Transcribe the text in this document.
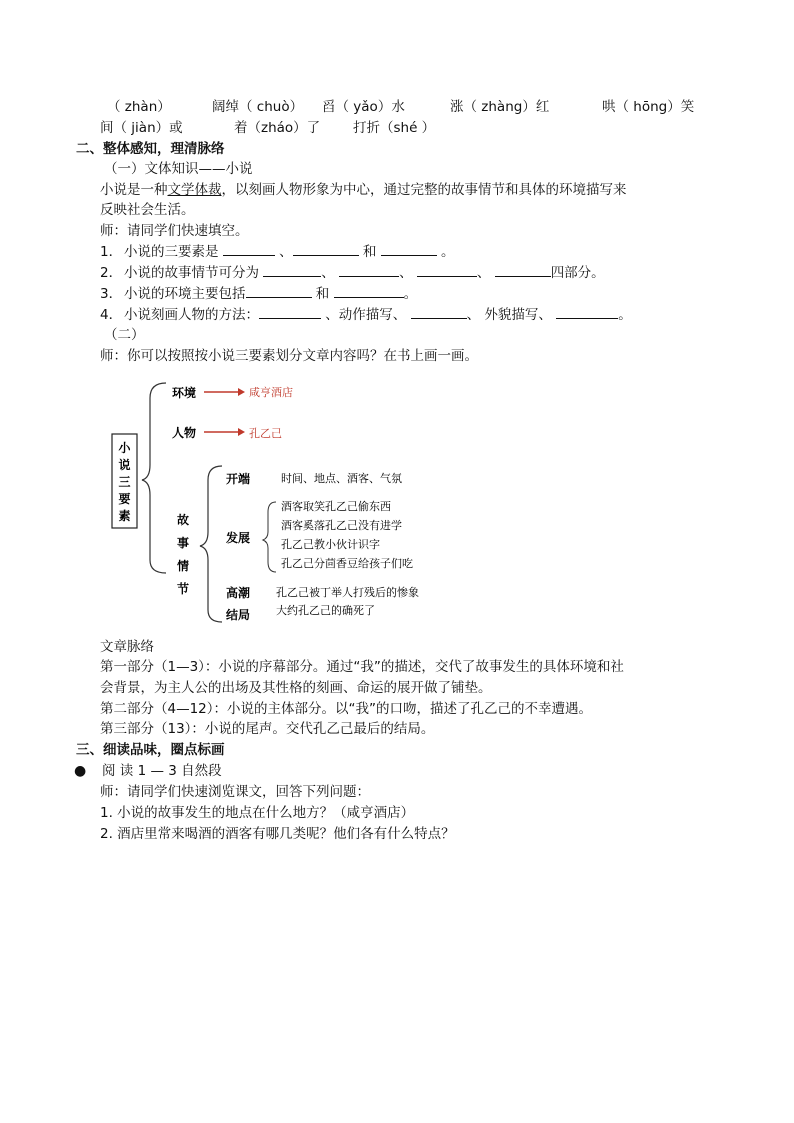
（ zhàn）	阔绰（ chuò） 舀（ yǎo）水	涨（ zhàng）红	哄（ hōng）笑
间（ jiàn）或	着（zháo）了 打折（shé ）
二、整体感知，理清脉络
（一）文体知识——小说
小说是一种文学体裁，以刻画人物形象为中心，通过完整的故事情节和具体的环境描写来
反映社会生活。
师：请同学们快速填空。
1． 小说的三要素是	、	和	。
2． 小说的故事情节可分为	、	、	、	四部分。
3． 小说的环境主要包括	和	。
4． 小说刻画人物的方法：	、动作描写、	、 外貌描写、	。
（二）
师：你可以按照按小说三要素划分文章内容吗？在书上画一画。
小
说
三
要
素
环境	咸亨酒店
人物	孔乙己
故
事
情
节
开端	时间、地点、酒客、气氛
发展
酒客取笑孔乙己偷东西
酒客奚落孔乙己没有进学
孔乙己教小伙计识字
孔乙己分茴香豆给孩子们吃
高潮 孔乙己被丁举人打残后的惨象
结局 大约孔乙己的确死了
文章脉络
第一部分（1—3）：小说的序幕部分。通过“我”的描述，交代了故事发生的具体环境和社
会背景，为主人公的出场及其性格的刻画、命运的展开做了铺垫。
第二部分（4—12）：小说的主体部分。以“我”的口吻，描述了孔乙己的不幸遭遇。
第三部分（13）：小说的尾声。交代孔乙己最后的结局。
三、细读品味，圈点标画
● 阅 读 1 — 3 自然段
师：请同学们快速浏览课文，回答下列问题：
1. 小说的故事发生的地点在什么地方？（咸亨酒店）
2. 酒店里常来喝酒的酒客有哪几类呢？他们各有什么特点？
